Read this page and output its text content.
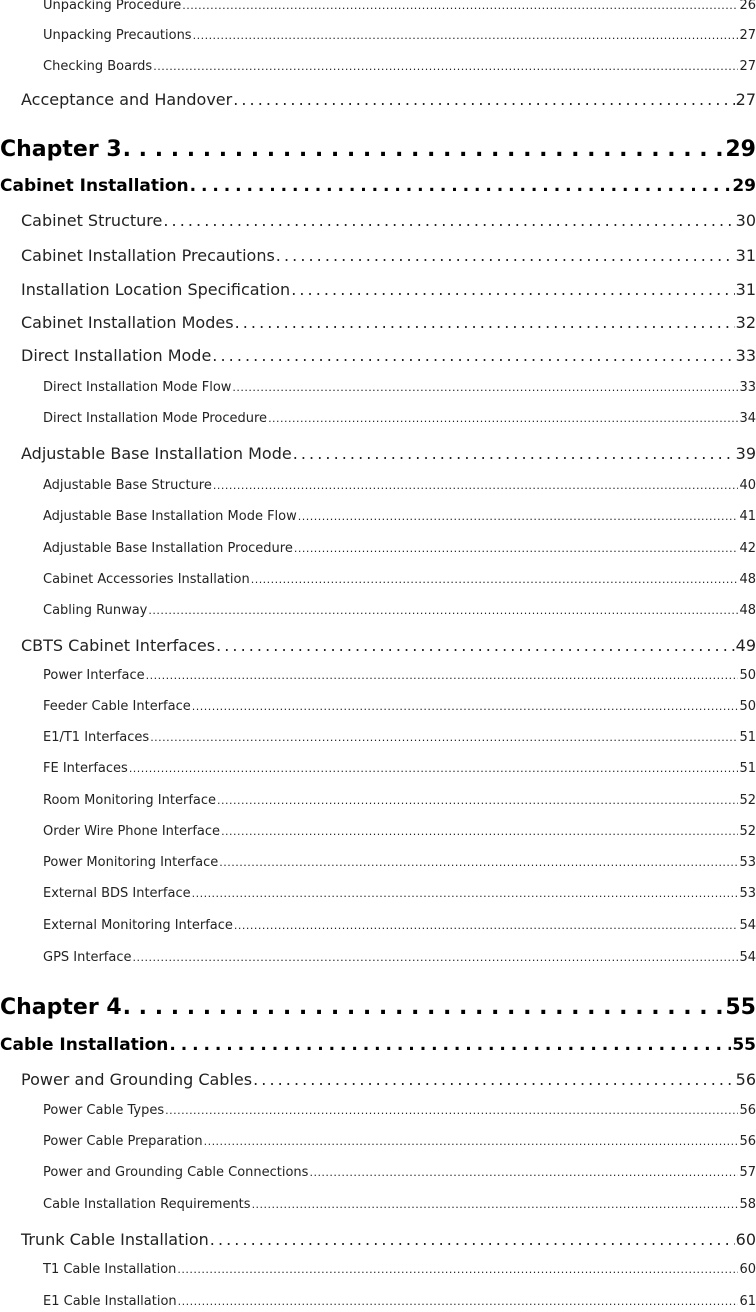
Unpacking Procedure . . .	26
Unpacking Precautions . . .	27
Checking Boards . . .	27
Acceptance and Handover . . .	27
Chapter 3 . . .	29
Cabinet Installation . . .	29
Cabinet Structure . . .	30
Cabinet Installation Precautions . . .	31
Installation Location Specification . . .	31
Cabinet Installation Modes . . .	32
Direct Installation Mode . . .	33
Direct Installation Mode Flow . . .	33
Direct Installation Mode Procedure . . .	34
Adjustable Base Installation Mode . . .	39
Adjustable Base Structure . . .	40
Adjustable Base Installation Mode Flow . . .	41
Adjustable Base Installation Procedure . . .	42
Cabinet Accessories Installation . . .	48
Cabling Runway . . .	48
CBTS Cabinet Interfaces . . .	49
Power Interface . . .	50
Feeder Cable Interface . . .	50
E1/T1 Interfaces . . .	51
FE Interfaces . . .	51
Room Monitoring Interface . . .	52
Order Wire Phone Interface . . .	52
Power Monitoring Interface . . .	53
External BDS Interface . . .	53
External Monitoring Interface . . .	54
GPS Interface . . .	54
Chapter 4 . . .	55
Cable Installation . . .	55
Power and Grounding Cables . . .	56
Power Cable Types . . .	56
Power Cable Preparation . . .	56
Power and Grounding Cable Connections . . .	57
Cable Installation Requirements . . .	58
Trunk Cable Installation . . .	60
T1 Cable Installation . . .	60
E1 Cable Installation . . .	61
